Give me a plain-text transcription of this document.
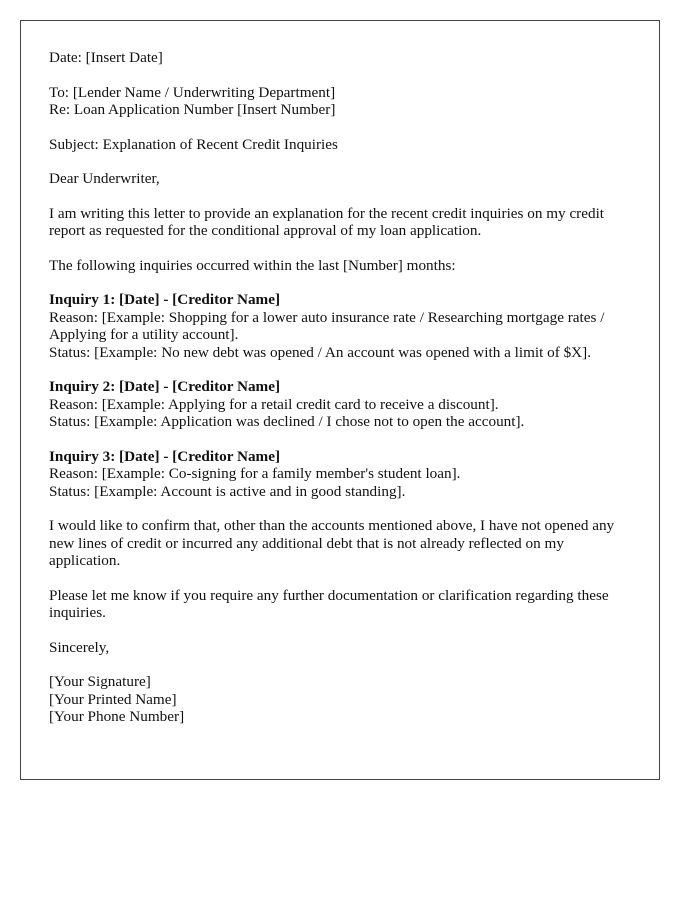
Date: [Insert Date]

To: [Lender Name / Underwriting Department]
Re: Loan Application Number [Insert Number]

Subject: Explanation of Recent Credit Inquiries

Dear Underwriter,

I am writing this letter to provide an explanation for the recent credit inquiries on my credit report as requested for the conditional approval of my loan application.

The following inquiries occurred within the last [Number] months:

Inquiry 1: [Date] - [Creditor Name]
Reason: [Example: Shopping for a lower auto insurance rate / Researching mortgage rates / Applying for a utility account].
Status: [Example: No new debt was opened / An account was opened with a limit of $X].

Inquiry 2: [Date] - [Creditor Name]
Reason: [Example: Applying for a retail credit card to receive a discount].
Status: [Example: Application was declined / I chose not to open the account].

Inquiry 3: [Date] - [Creditor Name]
Reason: [Example: Co-signing for a family member's student loan].
Status: [Example: Account is active and in good standing].

I would like to confirm that, other than the accounts mentioned above, I have not opened any new lines of credit or incurred any additional debt that is not already reflected on my application.

Please let me know if you require any further documentation or clarification regarding these inquiries.

Sincerely,

[Your Signature]
[Your Printed Name]
[Your Phone Number]
